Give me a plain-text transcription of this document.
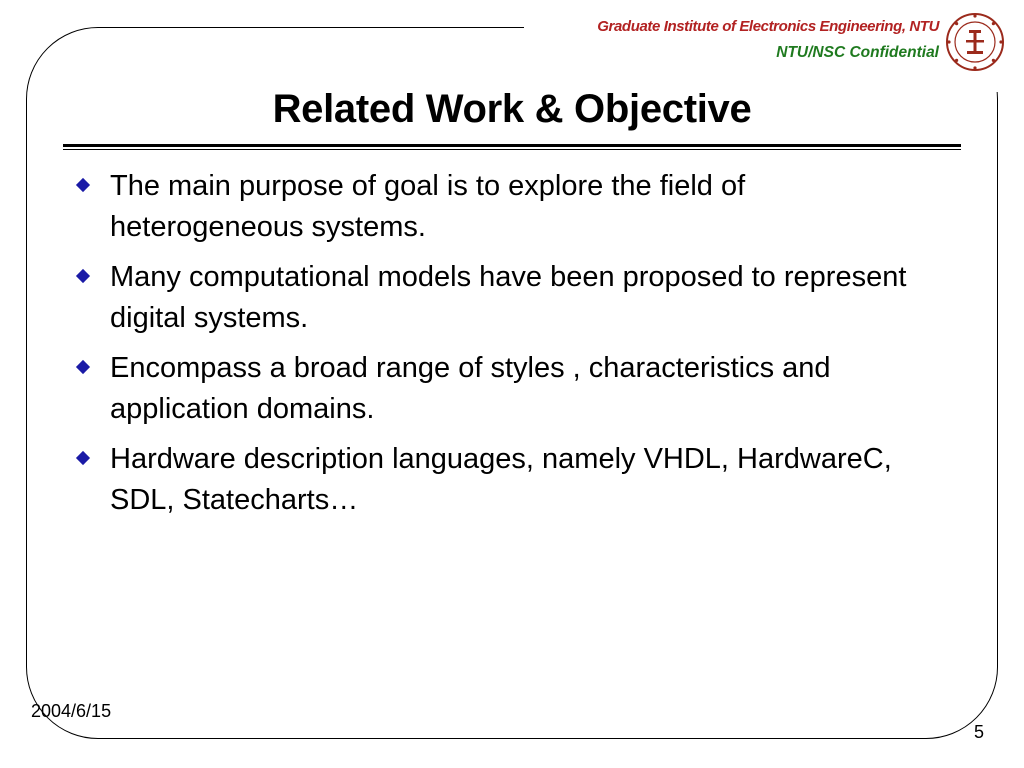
Graduate Institute of Electronics Engineering, NTU
NTU/NSC Confidential
Related Work & Objective
The main purpose of goal is to explore the field of heterogeneous systems.
Many computational models have been proposed to represent digital systems.
Encompass a broad range of styles , characteristics and application domains.
Hardware description languages, namely VHDL, HardwareC, SDL, Statecharts…
2004/6/15
5
